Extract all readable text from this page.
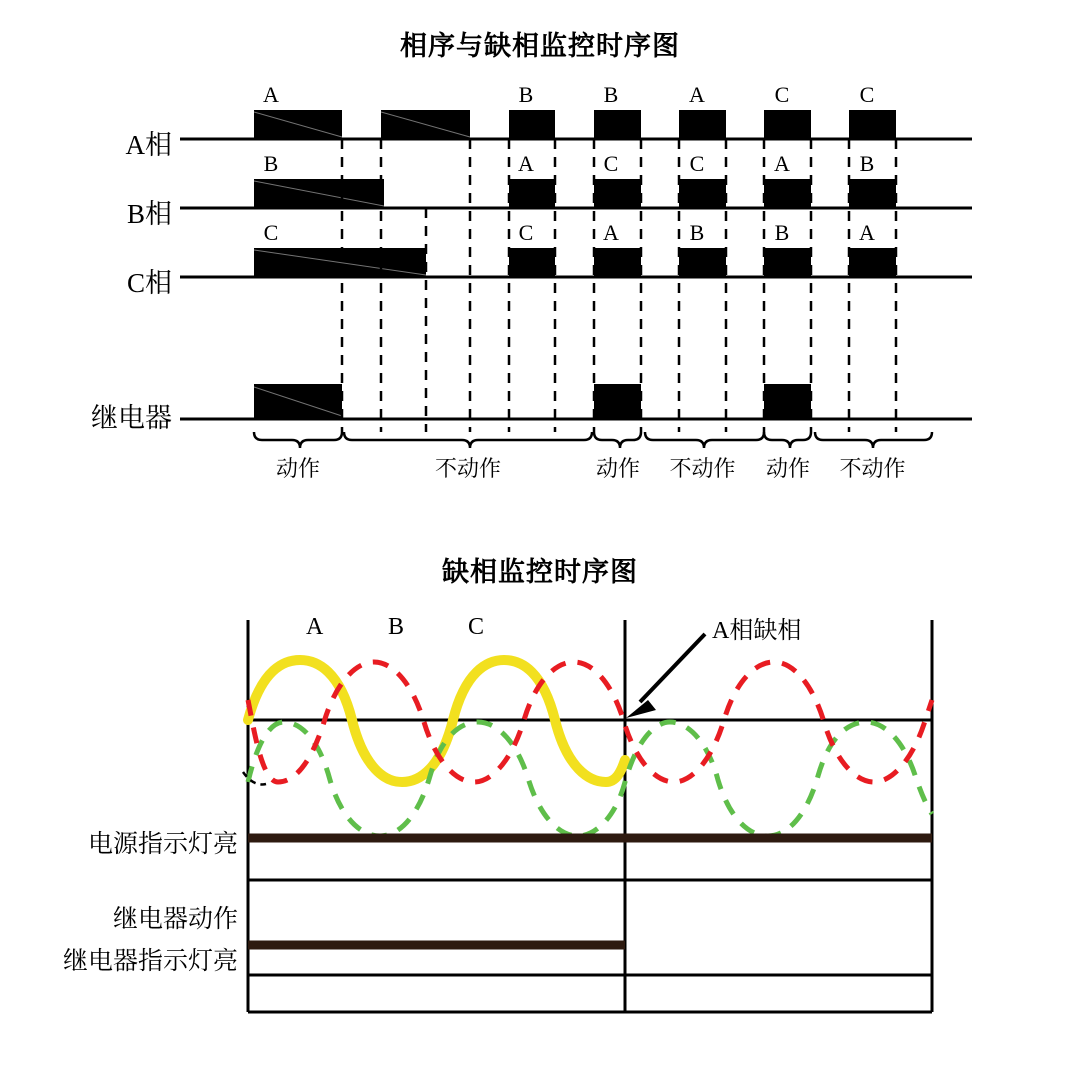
相序与缺相监控时序图
A相
B相
C相
继电器
A	B	B	A	C	C
B	A	C	C	A	B
C	C	A	B	B	A
动作	不动作	动作	不动作	动作	不动作
缺相监控时序图
A	B	C	A相缺相
电源指示灯亮
继电器动作
继电器指示灯亮
